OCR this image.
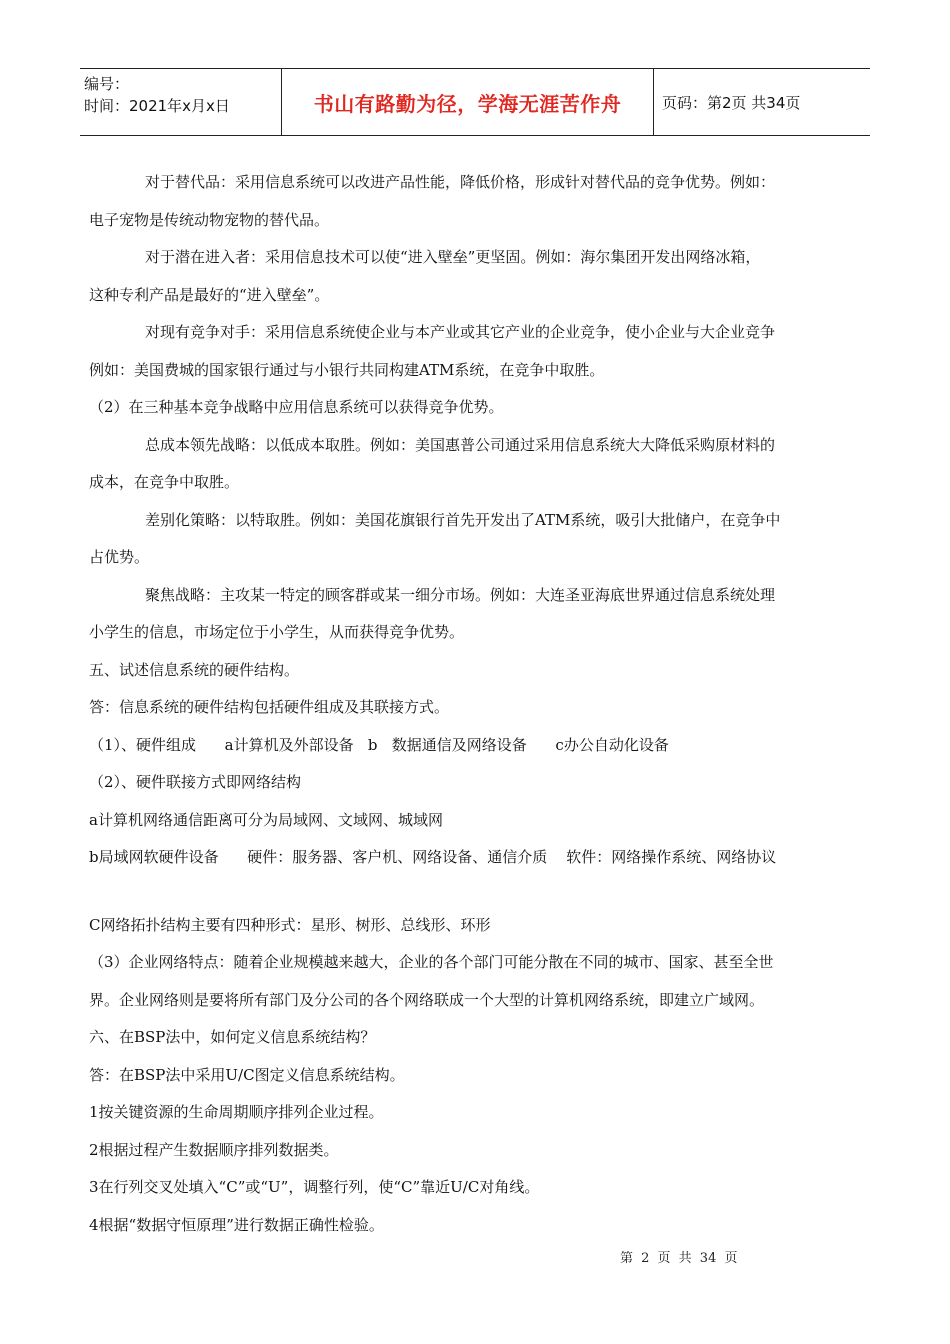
编号：
时间：2021年x月x日	书山有路勤为径，学海无涯苦作舟	页码：第2页 共34页
对于替代品：采用信息系统可以改进产品性能，降低价格，形成针对替代品的竞争优势。例如：
电子宠物是传统动物宠物的替代品。
对于潜在进入者：采用信息技术可以使“进入壁垒”更坚固。例如：海尔集团开发出网络冰箱，
这种专利产品是最好的“进入壁垒”。
对现有竞争对手：采用信息系统使企业与本产业或其它产业的企业竞争，使小企业与大企业竞争
例如：美国费城的国家银行通过与小银行共同构建ATM系统，在竞争中取胜。
（2）在三种基本竞争战略中应用信息系统可以获得竞争优势。
总成本领先战略：以低成本取胜。例如：美国惠普公司通过采用信息系统大大降低采购原材料的
成本，在竞争中取胜。
差别化策略：以特取胜。例如：美国花旗银行首先开发出了ATM系统，吸引大批储户，在竞争中
占优势。
聚焦战略：主攻某一特定的顾客群或某一细分市场。例如：大连圣亚海底世界通过信息系统处理
小学生的信息，市场定位于小学生，从而获得竞争优势。
五、试述信息系统的硬件结构。
答：信息系统的硬件结构包括硬件组成及其联接方式。
（1）、硬件组成      a计算机及外部设备   b   数据通信及网络设备      c办公自动化设备
（2）、硬件联接方式即网络结构
a计算机网络通信距离可分为局域网、文域网、城域网
b局域网软硬件设备      硬件：服务器、客户机、网络设备、通信介质    软件：网络操作系统、网络协议
C网络拓扑结构主要有四种形式：星形、树形、总线形、环形
（3）企业网络特点：随着企业规模越来越大，企业的各个部门可能分散在不同的城市、国家、甚至全世
界。企业网络则是要将所有部门及分公司的各个网络联成一个大型的计算机网络系统，即建立广域网。
六、在BSP法中，如何定义信息系统结构？
答：在BSP法中采用U/C图定义信息系统结构。
1按关键资源的生命周期顺序排列企业过程。
2根据过程产生数据顺序排列数据类。
3在行列交叉处填入“C”或“U”，调整行列，使“C”靠近U/C对角线。
4根据“数据守恒原理”进行数据正确性检验。
第 2 页 共 34 页
